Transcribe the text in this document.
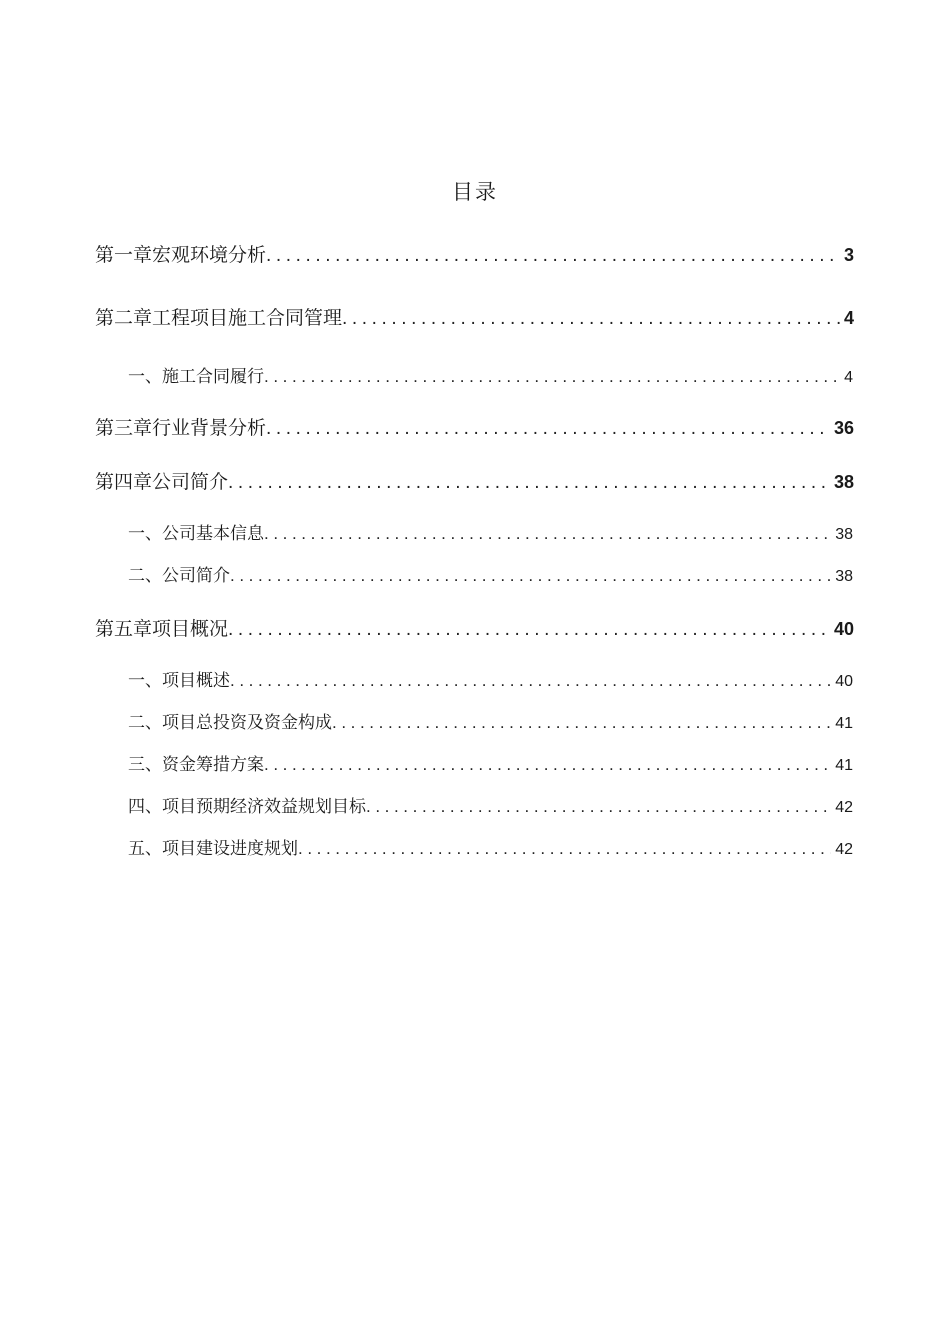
目录
第一章宏观环境分析 .....	3
第二章工程项目施工合同管理 .....	4
一、施工合同履行 .....	4
第三章行业背景分析 .....	36
第四章公司简介 .....	38
一、 公司基本信息 .....	38
二、 公司简介 .....	38
第五章项目概况 .....	40
一、 项目概述 .....	40
二、 项目总投资及资金构成 .....	41
三、 资金筹措方案 .....	41
四、 项目预期经济效益规划目标 .....	42
五、 项目建设进度规划 .....	42
